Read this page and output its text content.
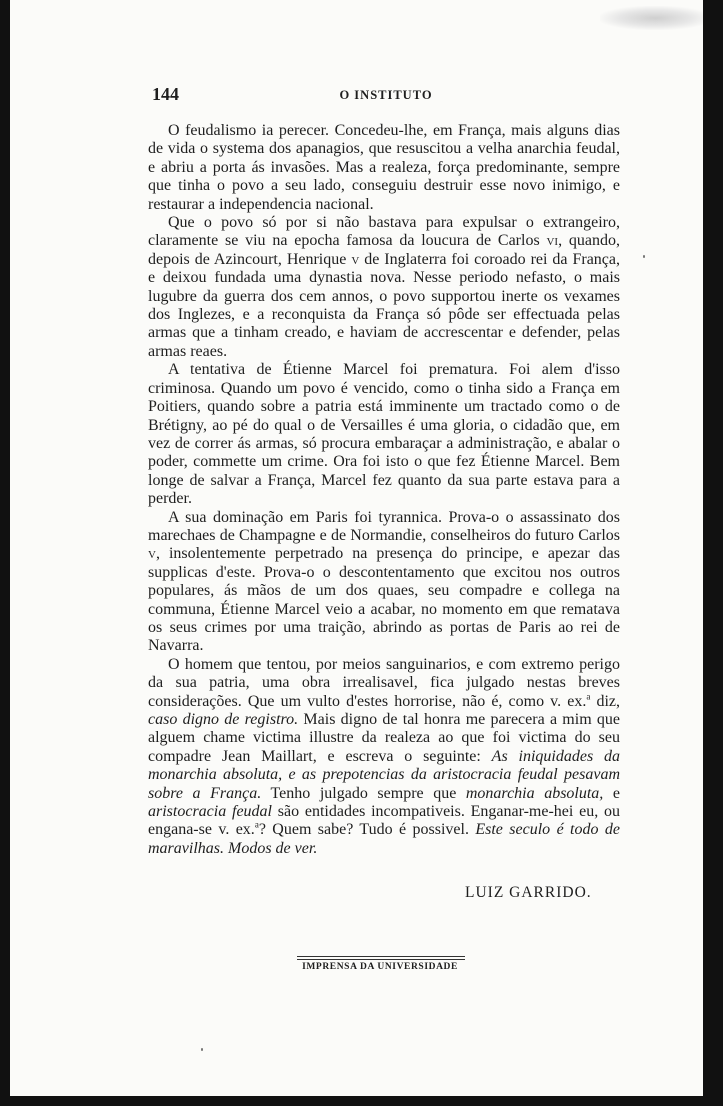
144	O INSTITUTO

O feudalismo ia perecer. Concedeu-lhe, em França, mais alguns dias de vida o systema dos apanagios, que resuscitou a velha anarchia feudal, e abriu a porta ás invasões. Mas a realeza, força predominante, sempre que tinha o povo a seu lado, conseguiu destruir esse novo inimigo, e restaurar a independencia nacional.

Que o povo só por si não bastava para expulsar o extrangeiro, claramente se viu na epocha famosa da loucura de Carlos vi, quando, depois de Azincourt, Henrique v de Inglaterra foi coroado rei da França, e deixou fundada uma dynastia nova. Nesse periodo nefasto, o mais lugubre da guerra dos cem annos, o povo supportou inerte os vexames dos Inglezes, e a reconquista da França só pôde ser effectuada pelas armas que a tinham creado, e haviam de accrescentar e defender, pelas armas reaes.

A tentativa de Étienne Marcel foi prematura. Foi alem d'isso criminosa. Quando um povo é vencido, como o tinha sido a França em Poitiers, quando sobre a patria está imminente um tractado como o de Brétigny, ao pé do qual o de Versailles é uma gloria, o cidadão que, em vez de correr ás armas, só procura embaraçar a administração, e abalar o poder, commette um crime. Ora foi isto o que fez Étienne Marcel. Bem longe de salvar a França, Marcel fez quanto da sua parte estava para a perder.

A sua dominação em Paris foi tyrannica. Prova-o o assassinato dos marechaes de Champagne e de Normandie, conselheiros do futuro Carlos v, insolentemente perpetrado na presença do principe, e apezar das supplicas d'este. Prova-o o descontentamento que excitou nos outros populares, ás mãos de um dos quaes, seu compadre e collega na communa, Étienne Marcel veio a acabar, no momento em que rematava os seus crimes por uma traição, abrindo as portas de Paris ao rei de Navarra.

O homem que tentou, por meios sanguinarios, e com extremo perigo da sua patria, uma obra irrealisavel, fica julgado nestas breves considerações. Que um vulto d'estes horrorise, não é, como v. ex.$^a$ diz, caso digno de registro. Mais digno de tal honra me parecera a mim que alguem chame victima illustre da realeza ao que foi victima do seu compadre Jean Maillart, e escreva o seguinte: As iniquidades da monarchia absoluta, e as prepotencias da aristocracia feudal pesavam sobre a França. Tenho julgado sempre que monarchia absoluta, e aristocracia feudal são entidades incompativeis. Enganar-me-hei eu, ou engana-se v. ex.$^a$? Quem sabe? Tudo é possivel. Este seculo é todo de maravilhas. Modos de ver.

LUIZ GARRIDO.
IMPRENSA DA UNIVERSIDADE
